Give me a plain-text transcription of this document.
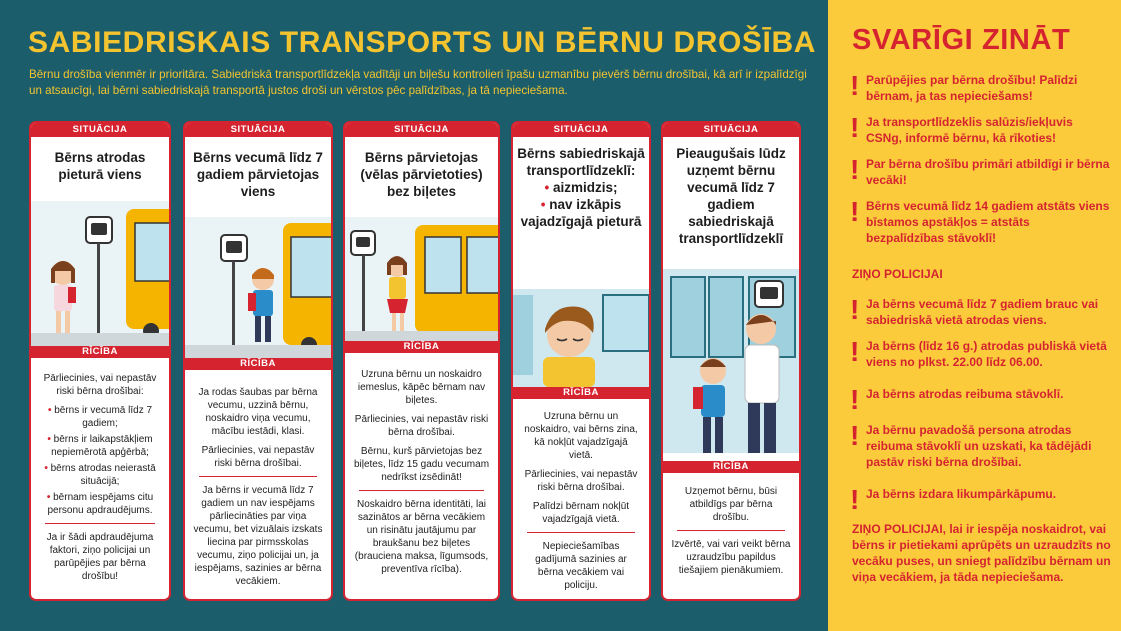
SABIEDRISKAIS TRANSPORTS UN BĒRNU DROŠĪBA
Bērnu drošība vienmēr ir prioritāra. Sabiedriskā transportlīdzekļa vadītāji un biļešu kontrolieri īpašu uzmanību pievērš bērnu drošībai, kā arī ir izpalīdzīgi un atsaucīgi, lai bērni sabiedriskajā transportā justos droši un vērstos pēc palīdzības, ja tā nepieciešama.
SITUĀCIJA
Bērns atrodas pieturā viens
RĪCĪBA

Pārliecinies, vai nepastāv riski bērna drošībai:

• bērns ir vecumā līdz 7 gadiem;
• bērns ir laikapstākļiem nepiemērotā apģērbā;
• bērns atrodas neierastā situācijā;
• bērnam iespējams citu personu apdraudējums.

Ja ir šādi apdraudējuma faktori, ziņo policijai un parūpējies par bērna drošību!

SITUĀCIJA
Bērns vecumā līdz 7 gadiem pārvietojas viens
RĪCĪBA

Ja rodas šaubas par bērna vecumu, uzzinā bērnu, noskaidro viņa vecumu, mācību iestādi, klasi.

Pārliecinies, vai nepastāv riski bērna drošībai.

Ja bērns ir vecumā līdz 7 gadiem un nav iespējams pārliecināties par viņa vecumu, bet vizuālais izskats liecina par pirmsskolas vecumu, ziņo policijai un, ja iespējams, sazinies ar bērna vecākiem.

SITUĀCIJA
Bērns pārvietojas (vēlas pārvietoties) bez biļetes
RĪCĪBA

Uzruna bērnu un noskaidro iemeslus, kāpēc bērnam nav biļetes.

Pārliecinies, vai nepastāv riski bērna drošībai.

Bērnu, kurš pārvietojas bez biļetes, līdz 15 gadu vecumam nedrīkst izsēdināt!

Noskaidro bērna identitāti, lai sazinātos ar bērna vecākiem un risinātu jautājumu par braukšanu bez biļetes (brauciena maksa, līgumsods, preventīva rīcība).

SITUĀCIJA
Bērns sabiedriskajā transportlīdzeklī:
• aizmidzis;
• nav izkāpis vajadzīgajā pieturā
RĪCĪBA

Uzruna bērnu un noskaidro, vai bērns zina, kā nokļūt vajadzīgajā vietā.

Pārliecinies, vai nepastāv riski bērna drošībai.

Palīdzi bērnam nokļūt vajadzīgajā vietā.

Nepieciešamības gadījumā sazinies ar bērna vecākiem vai policiju.

SITUĀCIJA
Pieaugušais lūdz uzņemt bērnu vecumā līdz 7 gadiem sabiedriskajā transportlīdzeklī
RĪCĪBA

Uzņemot bērnu, būsi atbildīgs par bērna drošību.

Izvērtē, vai vari veikt bērna uzraudzību papildus tiešajiem pienākumiem.

SVARĪGI ZINĀT
! Parūpējies par bērna drošību! Palīdzi bērnam, ja tas nepieciešams!
! Ja transportlīdzeklis salūzis/iekļuvis CSNg, informē bērnu, kā rīkoties!
! Par bērna drošību primāri atbildīgi ir bērna vecāki!
! Bērns vecumā līdz 14 gadiem atstāts viens bīstamos apstākļos = atstāts bezpalīdzības stāvoklī!
ZIŅO POLICIJAI
! Ja bērns vecumā līdz 7 gadiem brauc vai sabiedriskā vietā atrodas viens.
! Ja bērns (līdz 16 g.) atrodas publiskā vietā viens no plkst. 22.00 līdz 06.00.
! Ja bērns atrodas reibuma stāvoklī.
! Ja bērnu pavadošā persona atrodas reibuma stāvoklī un uzskati, ka tādējādi pastāv riski bērna drošībai.
! Ja bērns izdara likumpārkāpumu.
ZIŅO POLICIJAI, lai ir iespēja noskaidrot, vai bērns ir pietiekami aprūpēts un uzraudzīts no vecāku puses, un sniegt palīdzību bērnam un viņa vecākiem, ja tāda nepieciešama.
